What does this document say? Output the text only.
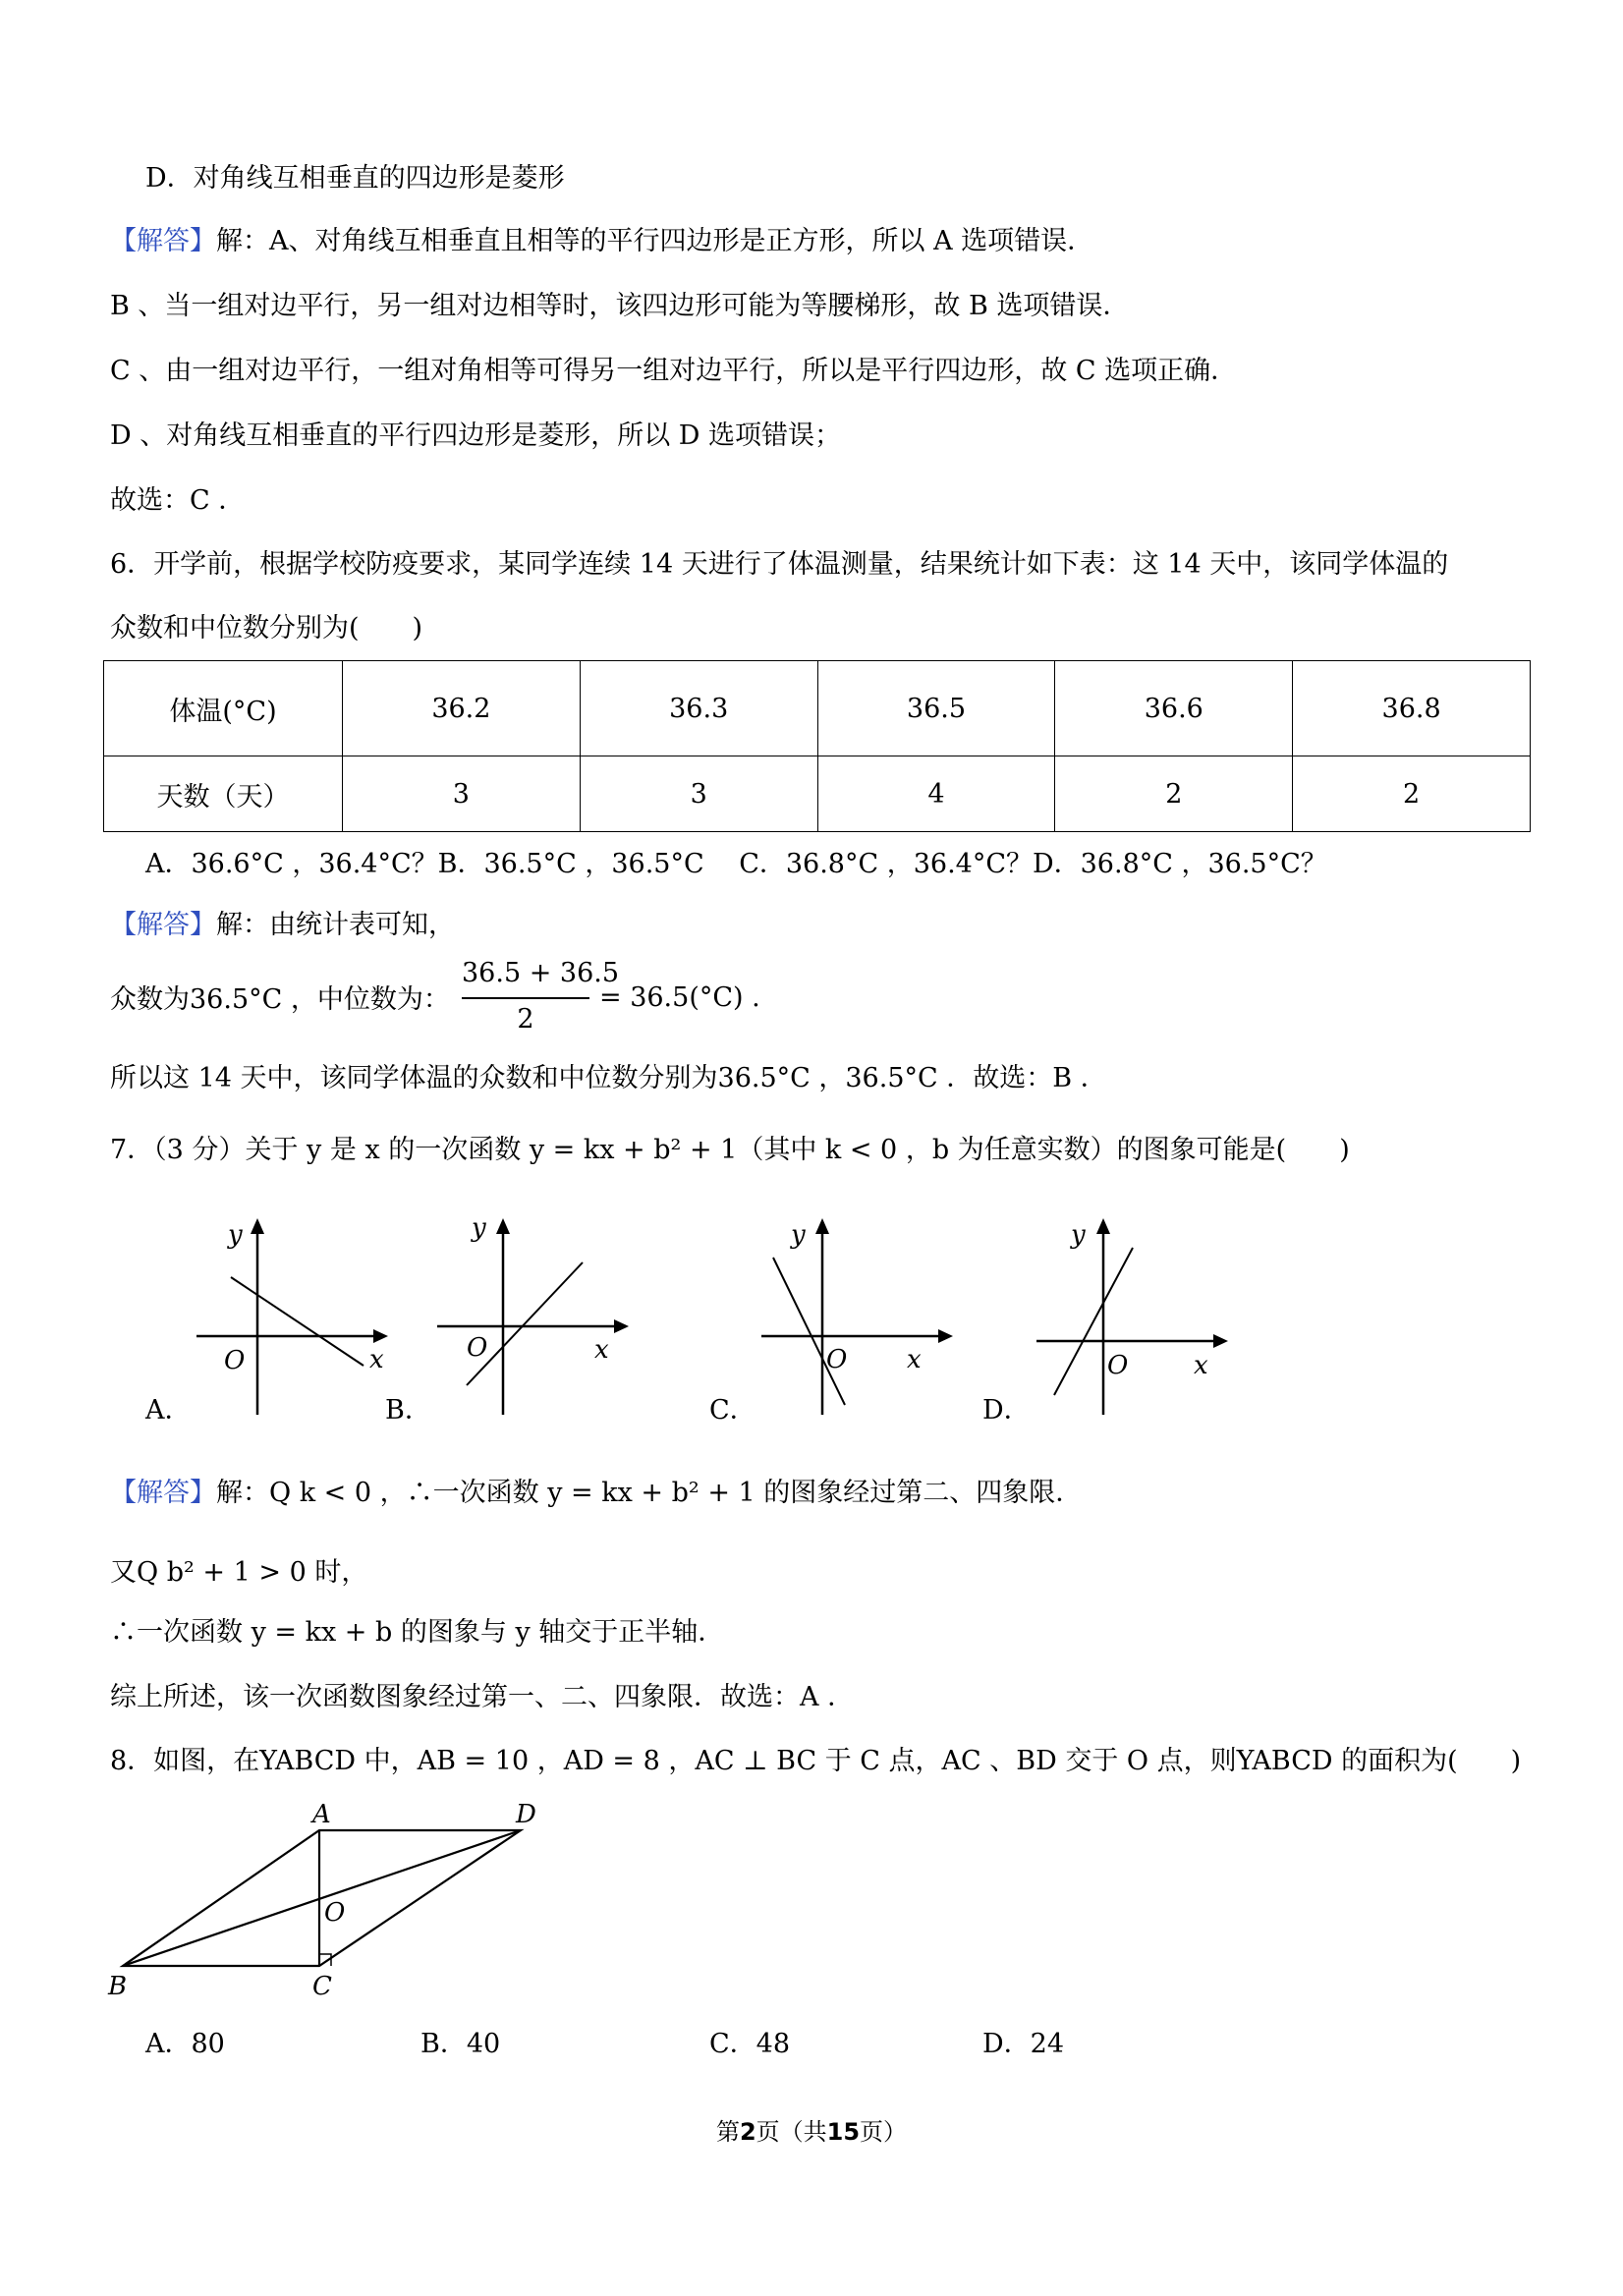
D．对角线互相垂直的四边形是菱形
【解答】解：A、对角线互相垂直且相等的平行四边形是正方形，所以 A 选项错误．
B 、当一组对边平行，另一组对边相等时，该四边形可能为等腰梯形，故 B 选项错误．
C 、由一组对边平行，一组对角相等可得另一组对边平行，所以是平行四边形，故 C 选项正确．
D 、对角线互相垂直的平行四边形是菱形，所以 D 选项错误；
故选：C ．
6．开学前，根据学校防疫要求，某同学连续 14 天进行了体温测量，结果统计如下表：这 14 天中，该同学体温的
众数和中位数分别为(　　)
体温(°C)	36.2	36.3	36.5	36.6	36.8
天数（天）	3	3	4	2	2
A．36.6°C ，36.4°C？B．36.5°C ，36.5°C　 C．36.8°C ，36.4°C？D．36.8°C ，36.5°C？
【解答】解：由统计表可知，
众数为36.5°C ，中位数为：
36.5 + 36.5
2
= 36.5(°C) .
所以这 14 天中，该同学体温的众数和中位数分别为36.5°C ，36.5°C ．故选：B ．
7．（3 分）关于 y 是 x 的一次函数 y = kx + b² + 1（其中 k < 0 ，b 为任意实数）的图象可能是(　　)
y
x
O
A．
y
x
O
B．
y
x
O
C．
y
x
O
D．
【解答】解：Q k < 0 ，∴一次函数 y = kx + b² + 1 的图象经过第二、四象限．
又Q b² + 1 > 0 时，
∴一次函数 y = kx + b 的图象与 y 轴交于正半轴．
综上所述，该一次函数图象经过第一、二、四象限．故选：A ．
8．如图，在YABCD 中，AB = 10 ，AD = 8 ，AC ⊥ BC 于 C 点，AC 、BD 交于 O 点，则YABCD 的面积为(　　)
A	D
O
B	C
A．80	B．40	C．48	D．24
第2页（共15页）
